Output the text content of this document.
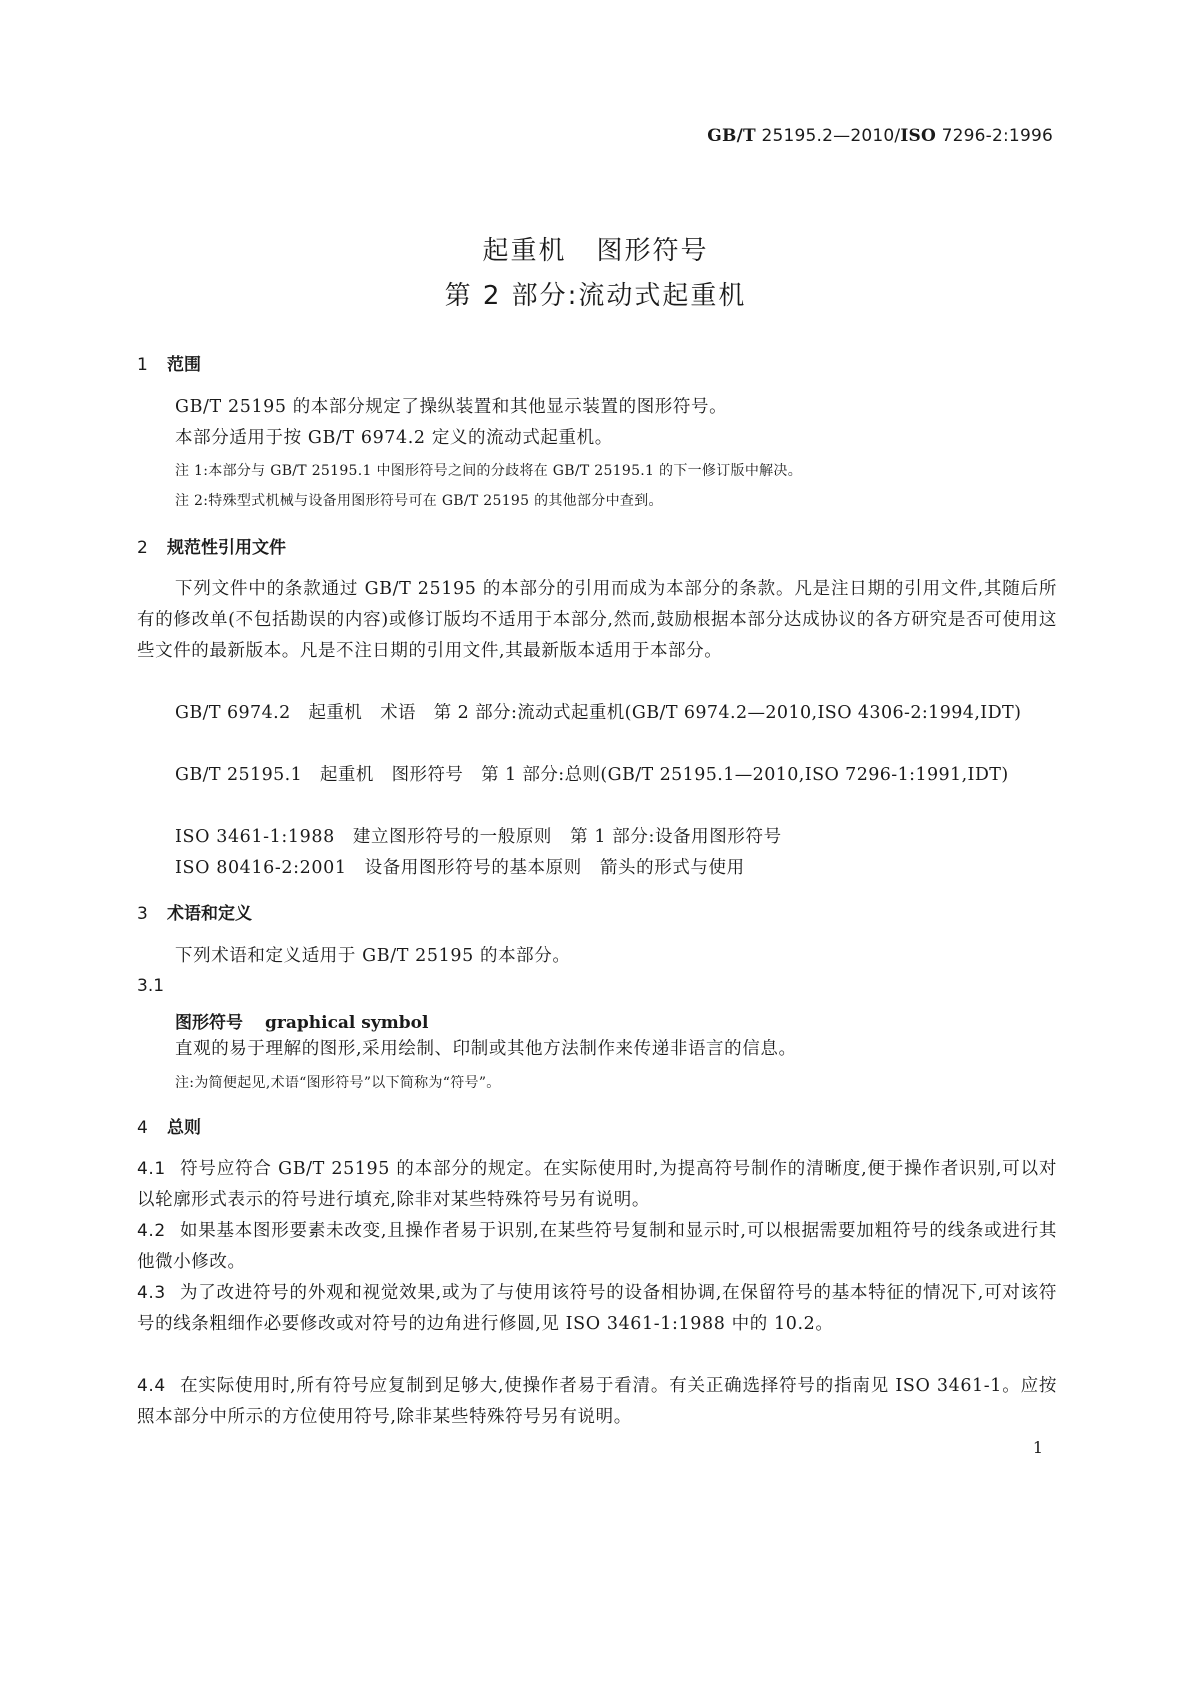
GB/T 25195.2—2010/ISO 7296-2:1996
起重机 图形符号
第 2 部分:流动式起重机
1 范围
GB/T 25195 的本部分规定了操纵装置和其他显示装置的图形符号。
本部分适用于按 GB/T 6974.2 定义的流动式起重机。
注 1:本部分与 GB/T 25195.1 中图形符号之间的分歧将在 GB/T 25195.1 的下一修订版中解决。
注 2:特殊型式机械与设备用图形符号可在 GB/T 25195 的其他部分中查到。
2 规范性引用文件
下列文件中的条款通过 GB/T 25195 的本部分的引用而成为本部分的条款。凡是注日期的引用文件,其随后所有的修改单(不包括勘误的内容)或修订版均不适用于本部分,然而,鼓励根据本部分达成协议的各方研究是否可使用这些文件的最新版本。凡是不注日期的引用文件,其最新版本适用于本部分。
GB/T 6974.2　起重机　术语　第 2 部分:流动式起重机(GB/T 6974.2—2010,ISO 4306-2:1994,IDT)
GB/T 25195.1　起重机　图形符号　第 1 部分:总则(GB/T 25195.1—2010,ISO 7296-1:1991,IDT)
ISO 3461-1:1988　建立图形符号的一般原则　第 1 部分:设备用图形符号
ISO 80416-2:2001　设备用图形符号的基本原则　箭头的形式与使用
3 术语和定义
下列术语和定义适用于 GB/T 25195 的本部分。
3.1
图形符号 graphical symbol
直观的易于理解的图形,采用绘制、印制或其他方法制作来传递非语言的信息。
注:为简便起见,术语“图形符号”以下简称为“符号”。
4 总则
4.1 符号应符合 GB/T 25195 的本部分的规定。在实际使用时,为提高符号制作的清晰度,便于操作者识别,可以对以轮廓形式表示的符号进行填充,除非对某些特殊符号另有说明。
4.2 如果基本图形要素未改变,且操作者易于识别,在某些符号复制和显示时,可以根据需要加粗符号的线条或进行其他微小修改。
4.3 为了改进符号的外观和视觉效果,或为了与使用该符号的设备相协调,在保留符号的基本特征的情况下,可对该符号的线条粗细作必要修改或对符号的边角进行修圆,见 ISO 3461-1:1988 中的 10.2。
4.4 在实际使用时,所有符号应复制到足够大,使操作者易于看清。有关正确选择符号的指南见 ISO 3461-1。应按照本部分中所示的方位使用符号,除非某些特殊符号另有说明。
1
